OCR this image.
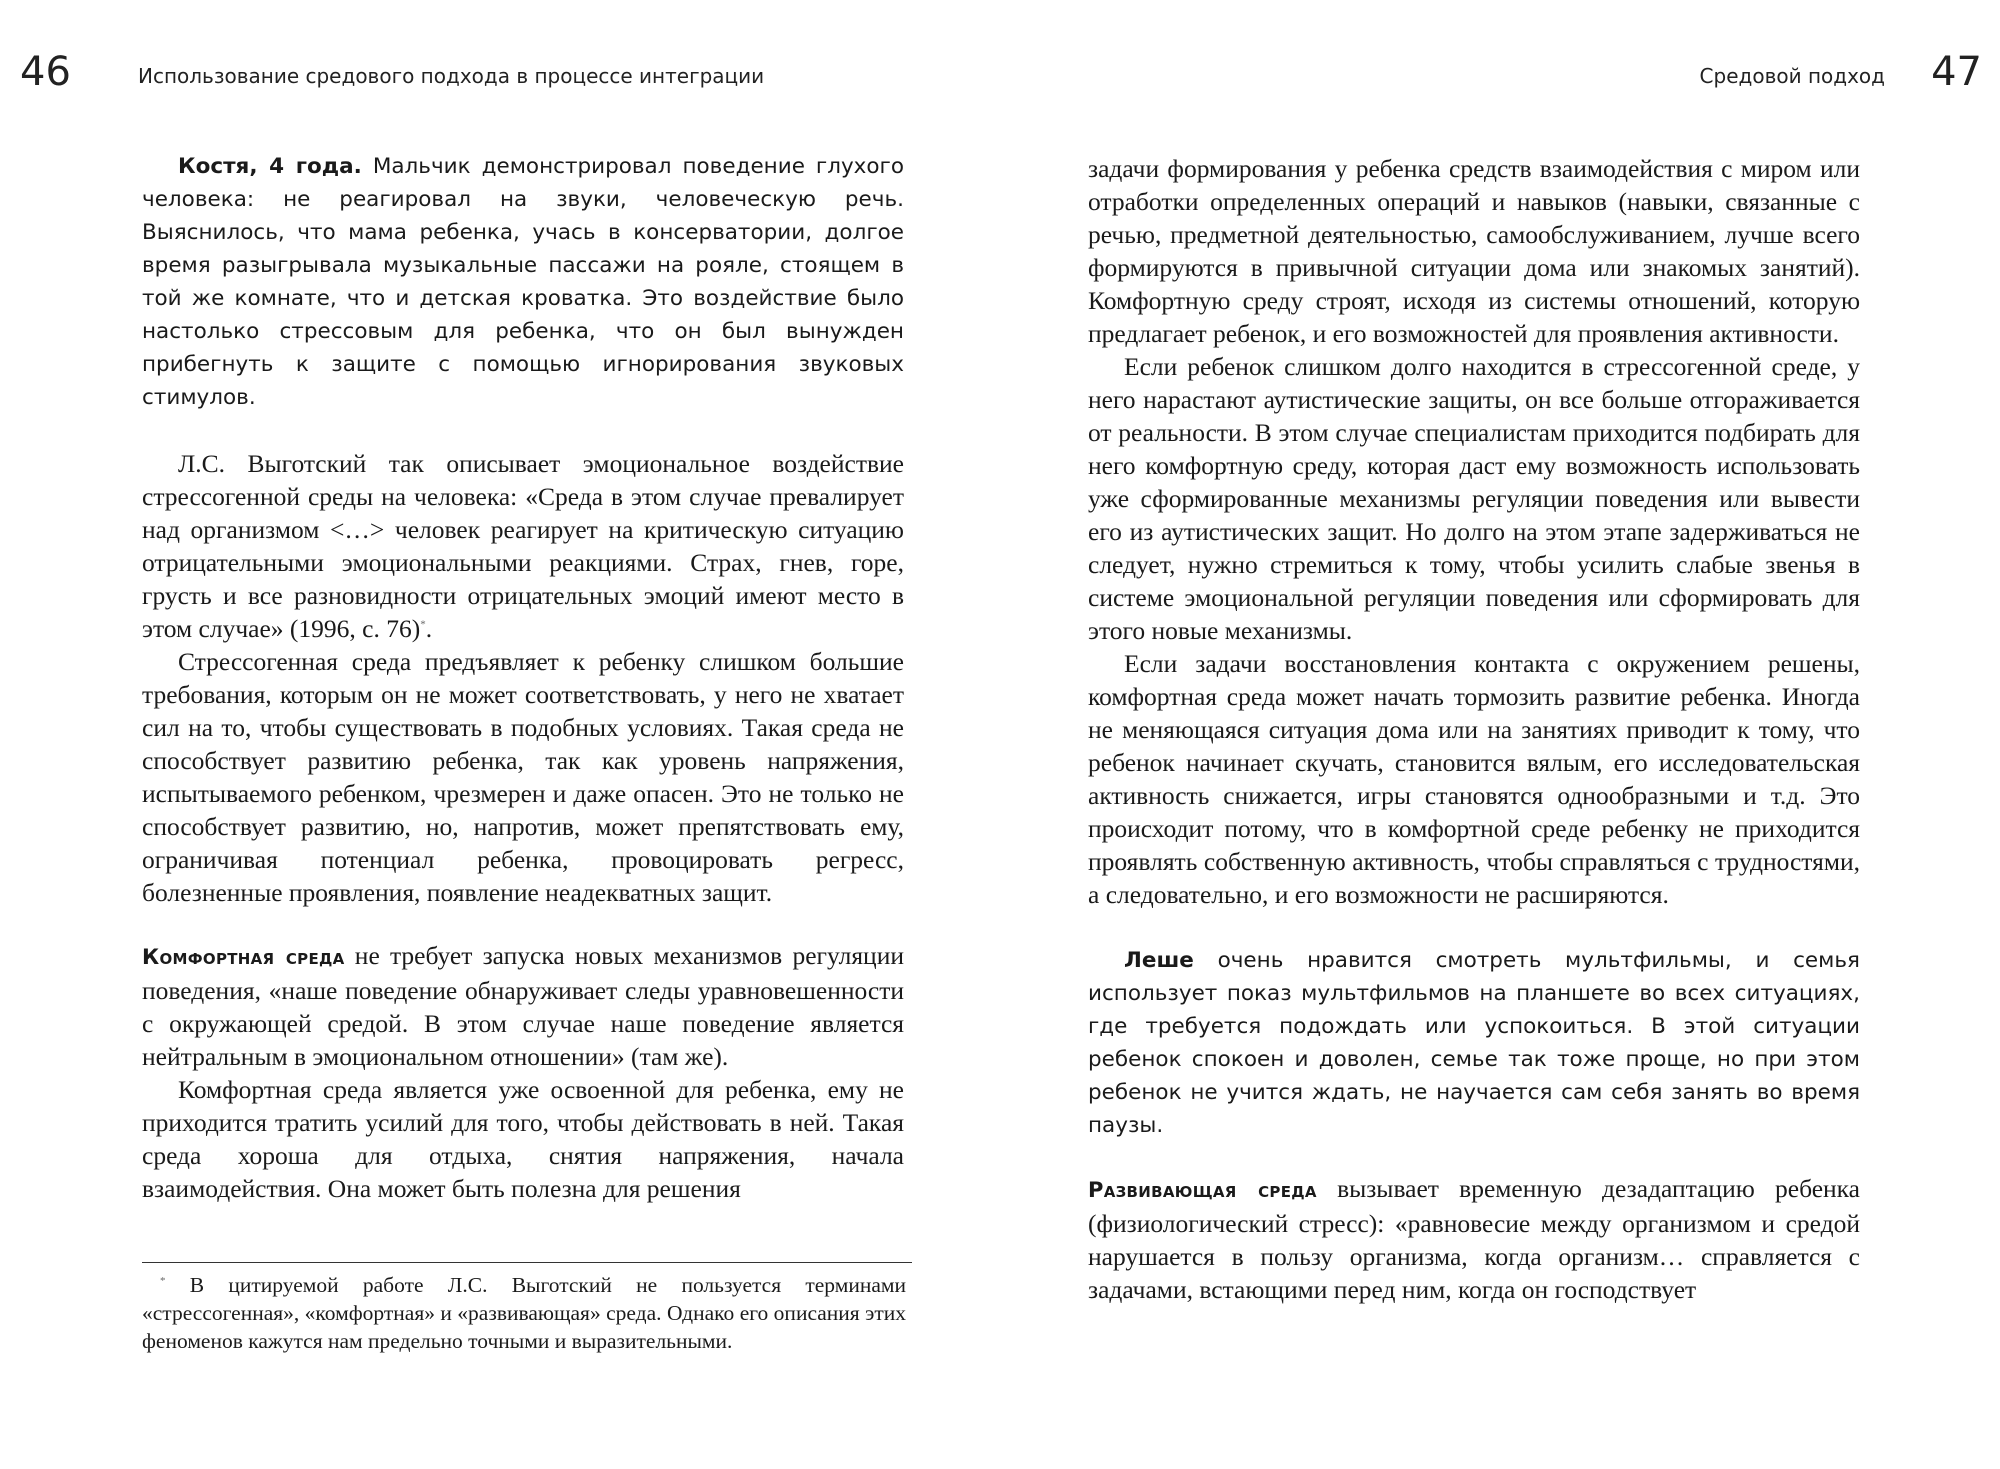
46	Использование средового подхода в процессе интеграции	Средовой подход 47

Костя, 4 года. Мальчик демонстрировал поведение глухого человека: не реагировал на звуки, человеческую речь. Выяснилось, что мама ребенка, учась в консерватории, долгое время разыгрывала музыкальные пассажи на рояле, стоящем в той же комнате, что и детская кроватка. Это воздействие было настолько стрессовым для ребенка, что он был вынужден прибегнуть к защите с помощью игнорирования звуковых стимулов.

Л.С. Выготский так описывает эмоциональное воздействие стрессогенной среды на человека: «Среда в этом случае превалирует над организмом <…> человек реагирует на критическую ситуацию отрицательными эмоциональными реакциями. Страх, гнев, горе, грусть и все разновидности отрицательных эмоций имеют место в этом случае» (1996, с. 76)*.

Стрессогенная среда предъявляет к ребенку слишком большие требования, которым он не может соответствовать, у него не хватает сил на то, чтобы существовать в подобных условиях. Такая среда не способствует развитию ребенка, так как уровень напряжения, испытываемого ребенком, чрезмерен и даже опасен. Это не только не способствует развитию, но, напротив, может препятствовать ему, ограничивая потенциал ребенка, провоцировать регресс, болезненные проявления, появление неадекватных защит.

Комфортная среда не требует запуска новых механизмов регуляции поведения, «наше поведение обнаруживает следы уравновешенности с окружающей средой. В этом случае наше поведение является нейтральным в эмоциональном отношении» (там же).

Комфортная среда является уже освоенной для ребенка, ему не приходится тратить усилий для того, чтобы действовать в ней. Такая среда хороша для отдыха, снятия напряжения, начала взаимодействия. Она может быть полезна для решения

* В цитируемой работе Л.С. Выготский не пользуется терминами «стрессогенная», «комфортная» и «развивающая» среда. Однако его описания этих феноменов кажутся нам предельно точными и выразительными.

задачи формирования у ребенка средств взаимодействия с миром или отработки определенных операций и навыков (навыки, связанные с речью, предметной деятельностью, самообслуживанием, лучше всего формируются в привычной ситуации дома или знакомых занятий). Комфортную среду строят, исходя из системы отношений, которую предлагает ребенок, и его возможностей для проявления активности.

Если ребенок слишком долго находится в стрессогенной среде, у него нарастают аутистические защиты, он все больше отгораживается от реальности. В этом случае специалистам приходится подбирать для него комфортную среду, которая даст ему возможность использовать уже сформированные механизмы регуляции поведения или вывести его из аутистических защит. Но долго на этом этапе задерживаться не следует, нужно стремиться к тому, чтобы усилить слабые звенья в системе эмоциональной регуляции поведения или сформировать для этого новые механизмы.

Если задачи восстановления контакта с окружением решены, комфортная среда может начать тормозить развитие ребенка. Иногда не меняющаяся ситуация дома или на занятиях приводит к тому, что ребенок начинает скучать, становится вялым, его исследовательская активность снижается, игры становятся однообразными и т.д. Это происходит потому, что в комфортной среде ребенку не приходится проявлять собственную активность, чтобы справляться с трудностями, а следовательно, и его возможности не расширяются.

Леше очень нравится смотреть мультфильмы, и семья использует показ мультфильмов на планшете во всех ситуациях, где требуется подождать или успокоиться. В этой ситуации ребенок спокоен и доволен, семье так тоже проще, но при этом ребенок не учится ждать, не научается сам себя занять во время паузы.

Развивающая среда вызывает временную дезадаптацию ребенка (физиологический стресс): «равновесие между организмом и средой нарушается в пользу организма, когда организм… справляется с задачами, встающими перед ним, когда он господствует
